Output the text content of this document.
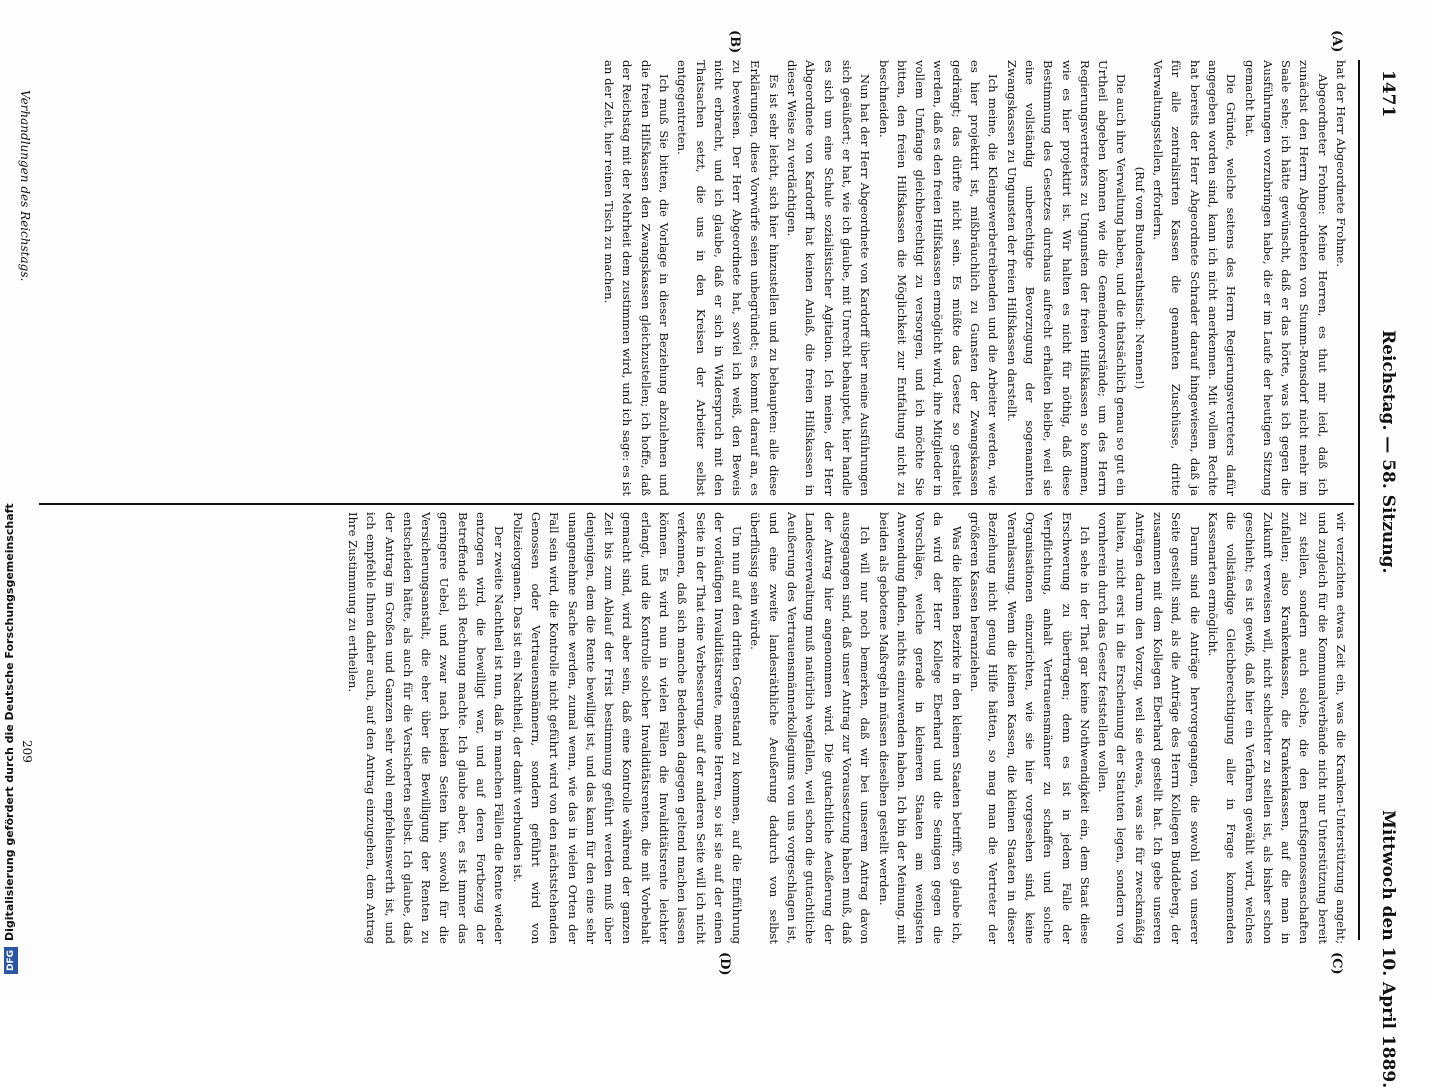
1471
Reichstag. — 58. Sitzung.
Mittwoch den 10. April 1889.
(A)
(B)
(C)
(D)

hat der Herr Abgeordnete Frohme.

Abgeordneter Frohme: Meine Herren, es thut mir leid, daß ich zunächst den Herrn Abgeordneten von Stumm-Ronsdorf nicht mehr im Saale sehe; ich hätte gewünscht, daß er das hörte, was ich gegen die Ausführungen vorzubringen habe, die er im Laufe der heutigen Sitzung gemacht hat.

Die Gründe, welche seitens des Herrn Regierungsvertreters dafür angegeben worden sind, kann ich nicht anerkennen. Mit vollem Rechte hat bereits der Herr Abgeordnete Schrader darauf hingewiesen, daß ja für alle zentralisirten Kassen die genannten Zuschüsse, dritte Verwaltungsstellen, erfordern.

(Ruf vom Bundesrathstisch: Nennen!)

Die auch ihre Verwaltung haben, und die thatsächlich genau so gut ein Urtheil abgeben können wie die Gemeindevorstände; um des Herrn Regierungsvertreters zu Ungunsten der freien Hilfskassen so kommen, wie es hier projektirt ist. Wir halten es nicht für nöthig, daß diese Bestimmung des Gesetzes durchaus aufrecht erhalten bleibe, weil sie eine vollständig unberechtigte Bevorzugung der sogenannten Zwangskassen zu Ungunsten der freien Hilfskassen darstellt.

Ich meine, die Kleingewerbetreibenden und die Arbeiter werden, wie es hier projektirt ist, mißbräuchlich zu Gunsten der Zwangskassen gedrängt; das dürfte nicht sein. Es müßte das Gesetz so gestaltet werden, daß es den freien Hilfskassen ermöglicht wird, ihre Mitglieder in vollem Umfange gleichberechtigt zu versorgen, und ich möchte Sie bitten, den freien Hilfskassen die Möglichkeit zur Entfaltung nicht zu beschneiden.

Nun hat der Herr Abgeordnete von Kardorff über meine Ausführungen sich geäußert; er hat, wie ich glaube, mit Unrecht behauptet, hier handle es sich um eine Schule sozialistischer Agitation. Ich meine, der Herr Abgeordnete von Kardorff hat keinen Anlaß, die freien Hilfskassen in dieser Weise zu verdächtigen.

Es ist sehr leicht, sich hier hinzustellen und zu behaupten: alle diese Erklärungen, diese Vorwürfe seien unbegründet; es kommt darauf an, es zu beweisen. Der Herr Abgeordnete hat, soviel ich weiß, den Beweis nicht erbracht, und ich glaube, daß er sich in Widerspruch mit den Thatsachen setzt, die uns in den Kreisen der Arbeiter selbst entgegentreten.

Ich muß Sie bitten, die Vorlage in dieser Beziehung abzulehnen und die freien Hilfskassen den Zwangskassen gleichzustellen; ich hoffe, daß der Reichstag mit der Mehrheit dem zustimmen wird, und ich sage: es ist an der Zeit, hier reinen Tisch zu machen.

wir verzichten etwas Zeit ein, was die Kranken-Unterstützung angeht; und zugleich für die Kommunalverbände nicht nur Unterstützung bereit zu stellen, sondern auch solche, die den Berufsgenossenschaften zufallen; also Krankenkassen, die Krankenkassen, auf die man in Zukunft verweisen will, nicht schlechter zu stellen ist, als bisher schon geschieht; es ist gewiß, daß hier ein Verfahren gewählt wird, welches die vollständige Gleichberechtigung aller in Frage kommenden Kassenarten ermöglicht.

Darum sind die Anträge hervorgegangen, die sowohl von unserer Seite gestellt sind, als die Anträge des Herrn Kollegen Buddeberg, der zusammen mit dem Kollegen Eberhard gestellt hat. Ich gebe unseren Anträgen darum den Vorzug, weil sie etwas, was sie für zweckmäßig halten, nicht erst in die Erscheinung der Statuten legen, sondern von vornherein durch das Gesetz feststellen wollen.

Ich sehe in der That gar keine Nothwendigkeit ein, dem Staat diese Erschwerung zu übertragen; denn es ist in jedem Falle der Verpflichtung, anhalt Vertrauensmänner zu schaffen und solche Organisationen einzurichten, wie sie hier vorgesehen sind, keine Veranlassung. Wenn die kleinen Kassen, die kleinen Staaten in dieser Beziehung nicht genug Hilfe hätten, so mag man die Vertreter der größeren Kassen heranziehen.

Was die kleinen Bezirke in den kleinen Staaten betrifft, so glaube ich, da wird der Herr Kollege Eberhard und die Seinigen gegen die Vorschläge, welche gerade in kleineren Staaten am wenigsten Anwendung finden, nichts einzuwenden haben. Ich bin der Meinung, mit beiden als gebotene Maßregeln müssen dieselben gestellt werden.

Ich will nur noch bemerken, daß wir bei unserem Antrag davon ausgegangen sind, daß unser Antrag zur Voraussetzung haben muß, daß der Antrag hier angenommen wird. Die gutachtliche Aeußerung der Landesverwaltung muß natürlich wegfallen, weil schon die gutachtliche Aeußerung des Vertrauensmännerkollegiums von uns vorgeschlagen ist, und eine zweite landesräthliche Aeußerung dadurch von selbst überflüssig sein würde.

Um nun auf den dritten Gegenstand zu kommen, auf die Einführung der vorläufigen Invaliditätsrente, meine Herren, so ist sie auf der einen Seite in der That eine Verbesserung, auf der anderen Seite will ich nicht verkennen, daß sich manche Bedenken dagegen geltend machen lassen können. Es wird nun in vielen Fällen die Invaliditätsrente leichter erlangt, und die Kontrolle solcher Invaliditätsrenten, die mit Vorbehalt gemacht sind, wird aber sein, daß eine Kontrolle während der ganzen Zeit bis zum Ablauf der Frist bestimmung geführt werden muß über denjenigen, dem die Rente bewilligt ist, und das kann für den eine sehr unangenehme Sache werden, zumal wenn, wie das in vielen Orten der Fall sein wird, die Kontrolle nicht geführt wird von den nächststehenden Genossen oder Vertrauensmännern, sondern geführt wird von Polizeiorganen. Das ist ein Nachtheil, der damit verbunden ist.

Der zweite Nachtheil ist nun, daß in manchen Fällen die Rente wieder entzogen wird, die bewilligt war, und auf deren Fortbezug der Betreffende sich Rechnung machte. Ich glaube aber, es ist immer das geringere Uebel, und zwar nach beiden Seiten hin, sowohl für die Versicherungsanstalt, die eher über die Bewilligung der Renten zu entscheiden hätte, als auch für die Versicherten selbst. Ich glaube, daß der Antrag im Großen und Ganzen sehr wohl empfehlenswerth ist, und ich empfehle Ihnen daher auch, auf den Antrag einzugehen, dem Antrag Ihre Zustimmung zu ertheilen.

Verhandlungen des Reichstags.
209
DFGDigitalisierung gefördert durch die Deutsche Forschungsgemeinschaft
